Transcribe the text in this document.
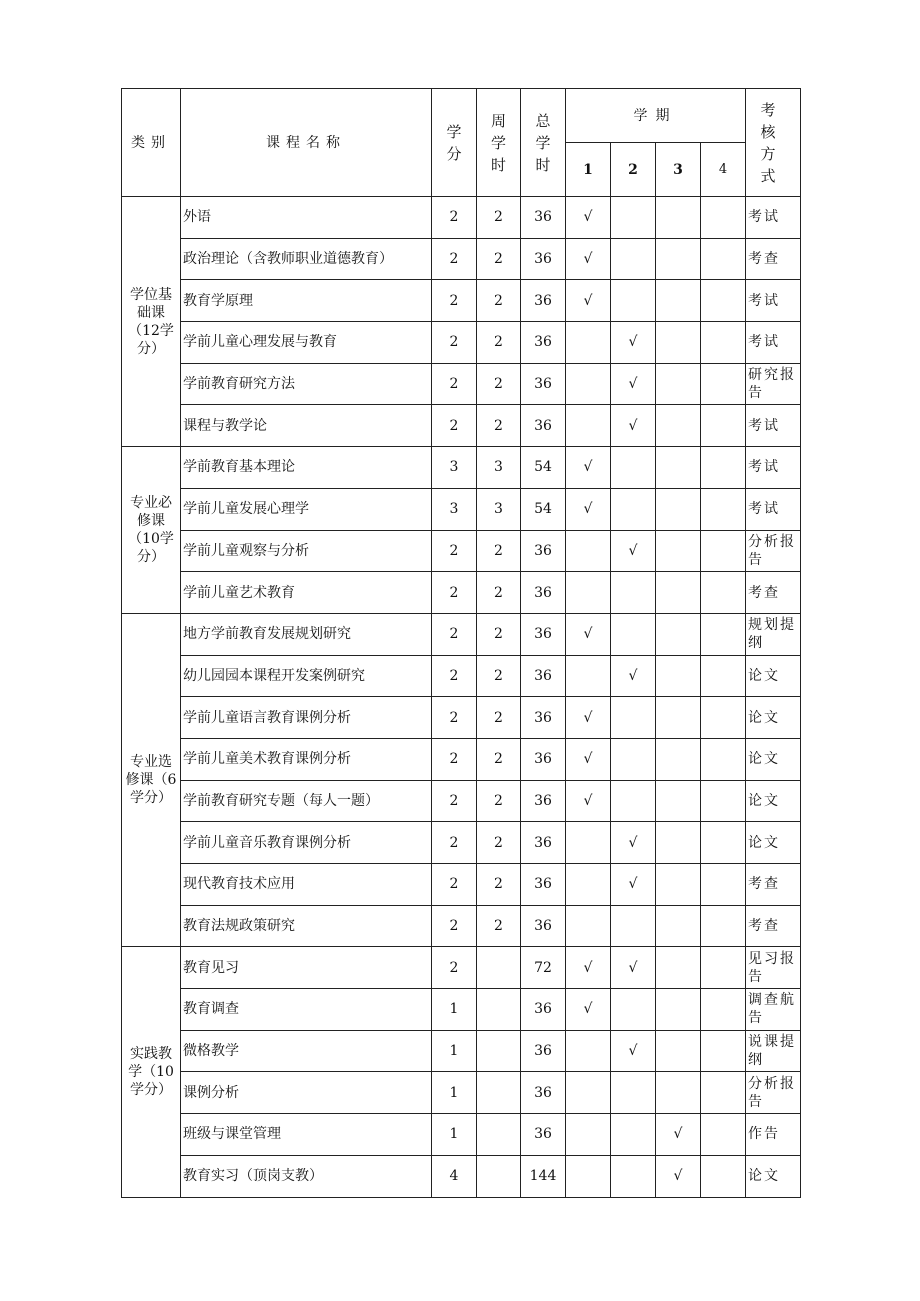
类别	课程名称	学分	周学时	总学时	学期				考核方式
					1	2	3	4	
学位基础课（12学分）	外语	2	2	36	√				考试
	政治理论（含教师职业道德教育）	2	2	36	√				考查
	教育学原理	2	2	36	√				考试
	学前儿童心理发展与教育	2	2	36		√			考试
	学前教育研究方法	2	2	36		√			研究报告
	课程与教学论	2	2	36		√			考试
专业必修课（10学分）	学前教育基本理论	3	3	54	√				考试
	学前儿童发展心理学	3	3	54	√				考试
	学前儿童观察与分析	2	2	36		√			分析报告
	学前儿童艺术教育	2	2	36					考查
专业选修课（6学分）	地方学前教育发展规划研究	2	2	36	√				规划提纲
	幼儿园园本课程开发案例研究	2	2	36		√			论文
	学前儿童语言教育课例分析	2	2	36	√				论文
	学前儿童美术教育课例分析	2	2	36	√				论文
	学前教育研究专题（每人一题）	2	2	36	√				论文
	学前儿童音乐教育课例分析	2	2	36		√			论文
	现代教育技术应用	2	2	36		√			考查
	教育法规政策研究	2	2	36					考查
实践教学（10学分）	教育见习	2		72	√	√			见习报告
	教育调查	1		36	√				调查航告
	微格教学	1		36		√			说课提纲
	课例分析	1		36					分析报告
	班级与课堂管理	1		36			√		作告
	教育实习（顶岗支教）	4		144			√		论文
